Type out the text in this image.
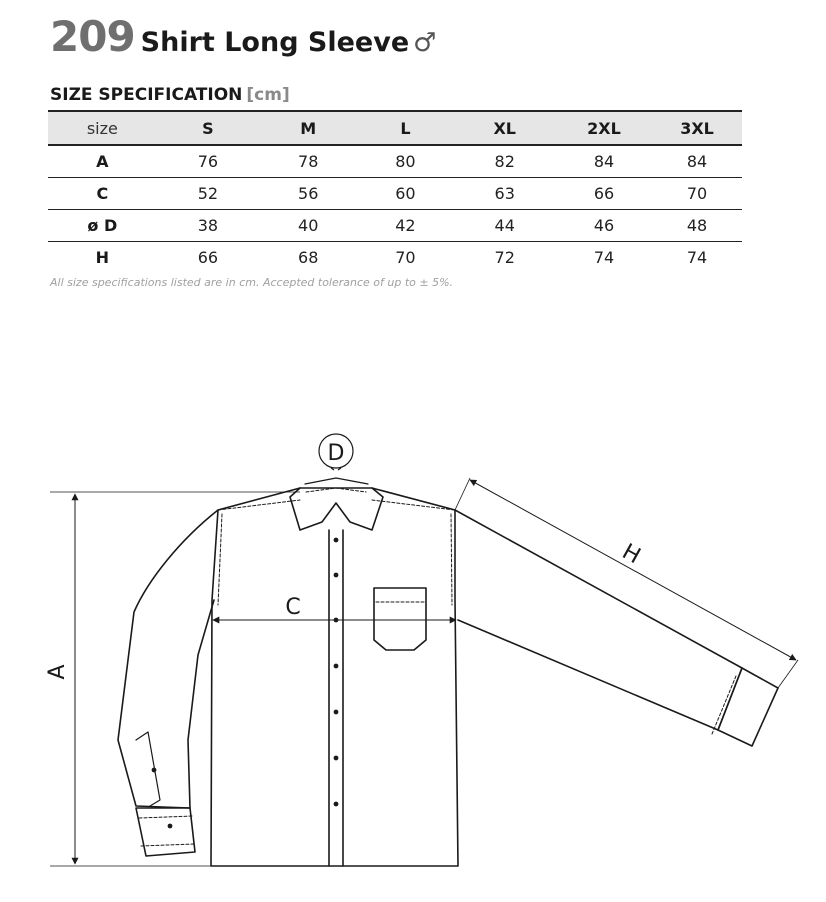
209 Shirt Long Sleeve ♂
SIZE SPECIFICATION [cm]
size	S	M	L	XL	2XL	3XL
A	76	78	80	82	84	84
C	52	56	60	63	66	70
ø D	38	40	42	44	46	48
H	66	68	70	72	74	74
All size specifications listed are in cm. Accepted tolerance of up to ± 5%.
A
C
D
H
